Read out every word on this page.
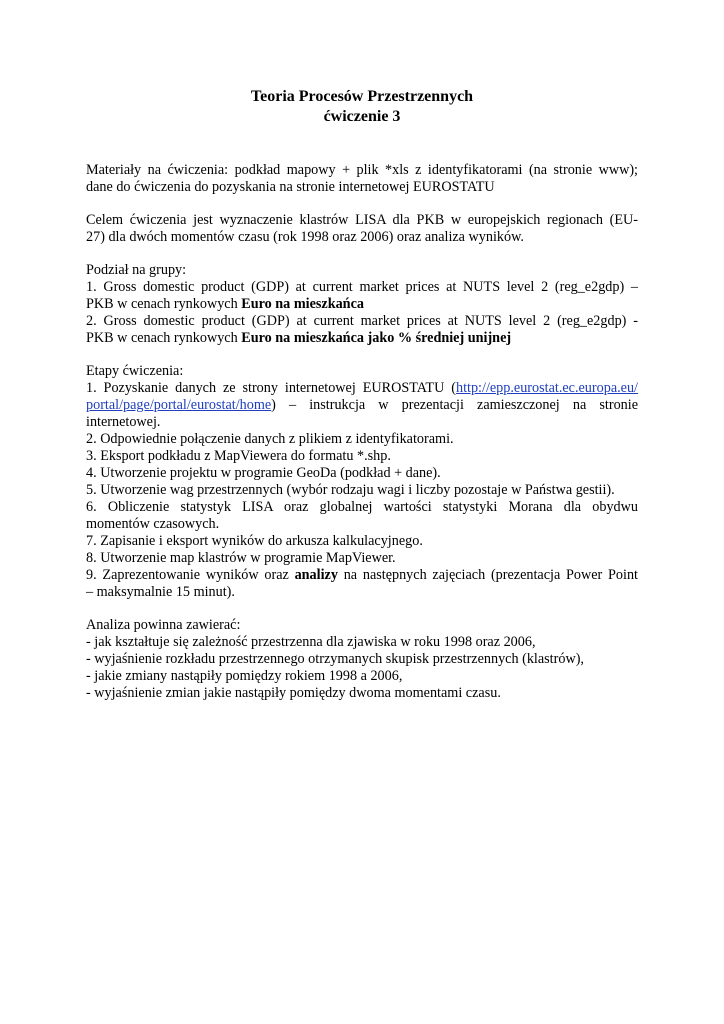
Teoria Procesów Przestrzennych
ćwiczenie 3
Materiały na ćwiczenia: podkład mapowy + plik *xls z identyfikatorami (na stronie www);
dane do ćwiczenia do pozyskania na stronie internetowej EUROSTATU
Celem ćwiczenia jest wyznaczenie klastrów LISA dla PKB w europejskich regionach (EU-
27) dla dwóch momentów czasu (rok 1998 oraz 2006) oraz analiza wyników.
Podział na grupy:
1. Gross domestic product (GDP) at current market prices at NUTS level 2 (reg_e2gdp) –
PKB w cenach rynkowych Euro na mieszkańca
2. Gross domestic product (GDP) at current market prices at NUTS level 2 (reg_e2gdp) -
PKB w cenach rynkowych Euro na mieszkańca jako % średniej unijnej
Etapy ćwiczenia:
1. Pozyskanie danych ze strony internetowej EUROSTATU (http://epp.eurostat.ec.europa.eu/
portal/page/portal/eurostat/home) – instrukcja w prezentacji zamieszczonej na stronie
internetowej.
2. Odpowiednie połączenie danych z plikiem z identyfikatorami.
3. Eksport podkładu z MapViewera do formatu *.shp.
4. Utworzenie projektu w programie GeoDa (podkład + dane).
5. Utworzenie wag przestrzennych (wybór rodzaju wagi i liczby pozostaje w Państwa gestii).
6. Obliczenie statystyk LISA oraz globalnej wartości statystyki Morana dla obydwu
momentów czasowych.
7. Zapisanie i eksport wyników do arkusza kalkulacyjnego.
8. Utworzenie map klastrów w programie MapViewer.
9. Zaprezentowanie wyników oraz analizy na następnych zajęciach (prezentacja Power Point
– maksymalnie 15 minut).
Analiza powinna zawierać:
- jak kształtuje się zależność przestrzenna dla zjawiska w roku 1998 oraz 2006,
- wyjaśnienie rozkładu przestrzennego otrzymanych skupisk przestrzennych (klastrów),
- jakie zmiany nastąpiły pomiędzy rokiem 1998 a 2006,
- wyjaśnienie zmian jakie nastąpiły pomiędzy dwoma momentami czasu.
